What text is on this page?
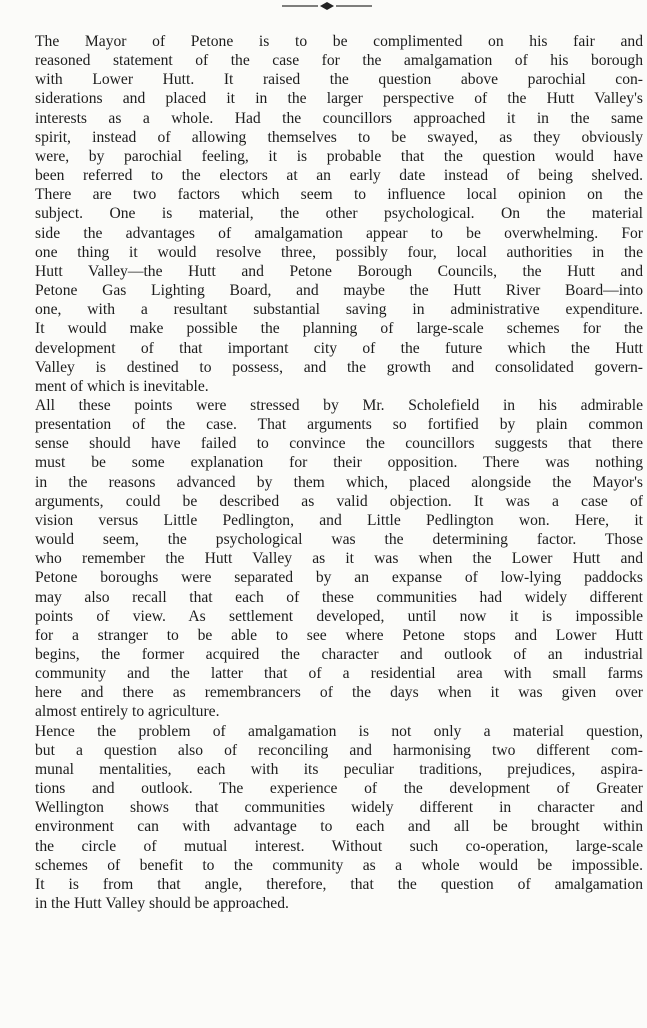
The Mayor of Petone is to be complimented on his fair and
reasoned statement of the case for the amalgamation of his borough
with Lower Hutt. It raised the question above parochial con-
siderations and placed it in the larger perspective of the Hutt Valley's
interests as a whole. Had the councillors approached it in the same
spirit, instead of allowing themselves to be swayed, as they obviously
were, by parochial feeling, it is probable that the question would have
been referred to the electors at an early date instead of being shelved.
There are two factors which seem to influence local opinion on the
subject. One is material, the other psychological. On the material
side the advantages of amalgamation appear to be overwhelming. For
one thing it would resolve three, possibly four, local authorities in the
Hutt Valley—the Hutt and Petone Borough Councils, the Hutt and
Petone Gas Lighting Board, and maybe the Hutt River Board—into
one, with a resultant substantial saving in administrative expenditure.
It would make possible the planning of large-scale schemes for the
development of that important city of the future which the Hutt
Valley is destined to possess, and the growth and consolidated govern-
ment of which is inevitable.

All these points were stressed by Mr. Scholefield in his admirable
presentation of the case. That arguments so fortified by plain common
sense should have failed to convince the councillors suggests that there
must be some explanation for their opposition. There was nothing
in the reasons advanced by them which, placed alongside the Mayor's
arguments, could be described as valid objection. It was a case of
vision versus Little Pedlington, and Little Pedlington won. Here, it
would seem, the psychological was the determining factor. Those
who remember the Hutt Valley as it was when the Lower Hutt and
Petone boroughs were separated by an expanse of low-lying paddocks
may also recall that each of these communities had widely different
points of view. As settlement developed, until now it is impossible
for a stranger to be able to see where Petone stops and Lower Hutt
begins, the former acquired the character and outlook of an industrial
community and the latter that of a residential area with small farms
here and there as remembrancers of the days when it was given over
almost entirely to agriculture.

Hence the problem of amalgamation is not only a material question,
but a question also of reconciling and harmonising two different com-
munal mentalities, each with its peculiar traditions, prejudices, aspira-
tions and outlook. The experience of the development of Greater
Wellington shows that communities widely different in character and
environment can with advantage to each and all be brought within
the circle of mutual interest. Without such co-operation, large-scale
schemes of benefit to the community as a whole would be impossible.
It is from that angle, therefore, that the question of amalgamation
in the Hutt Valley should be approached.
